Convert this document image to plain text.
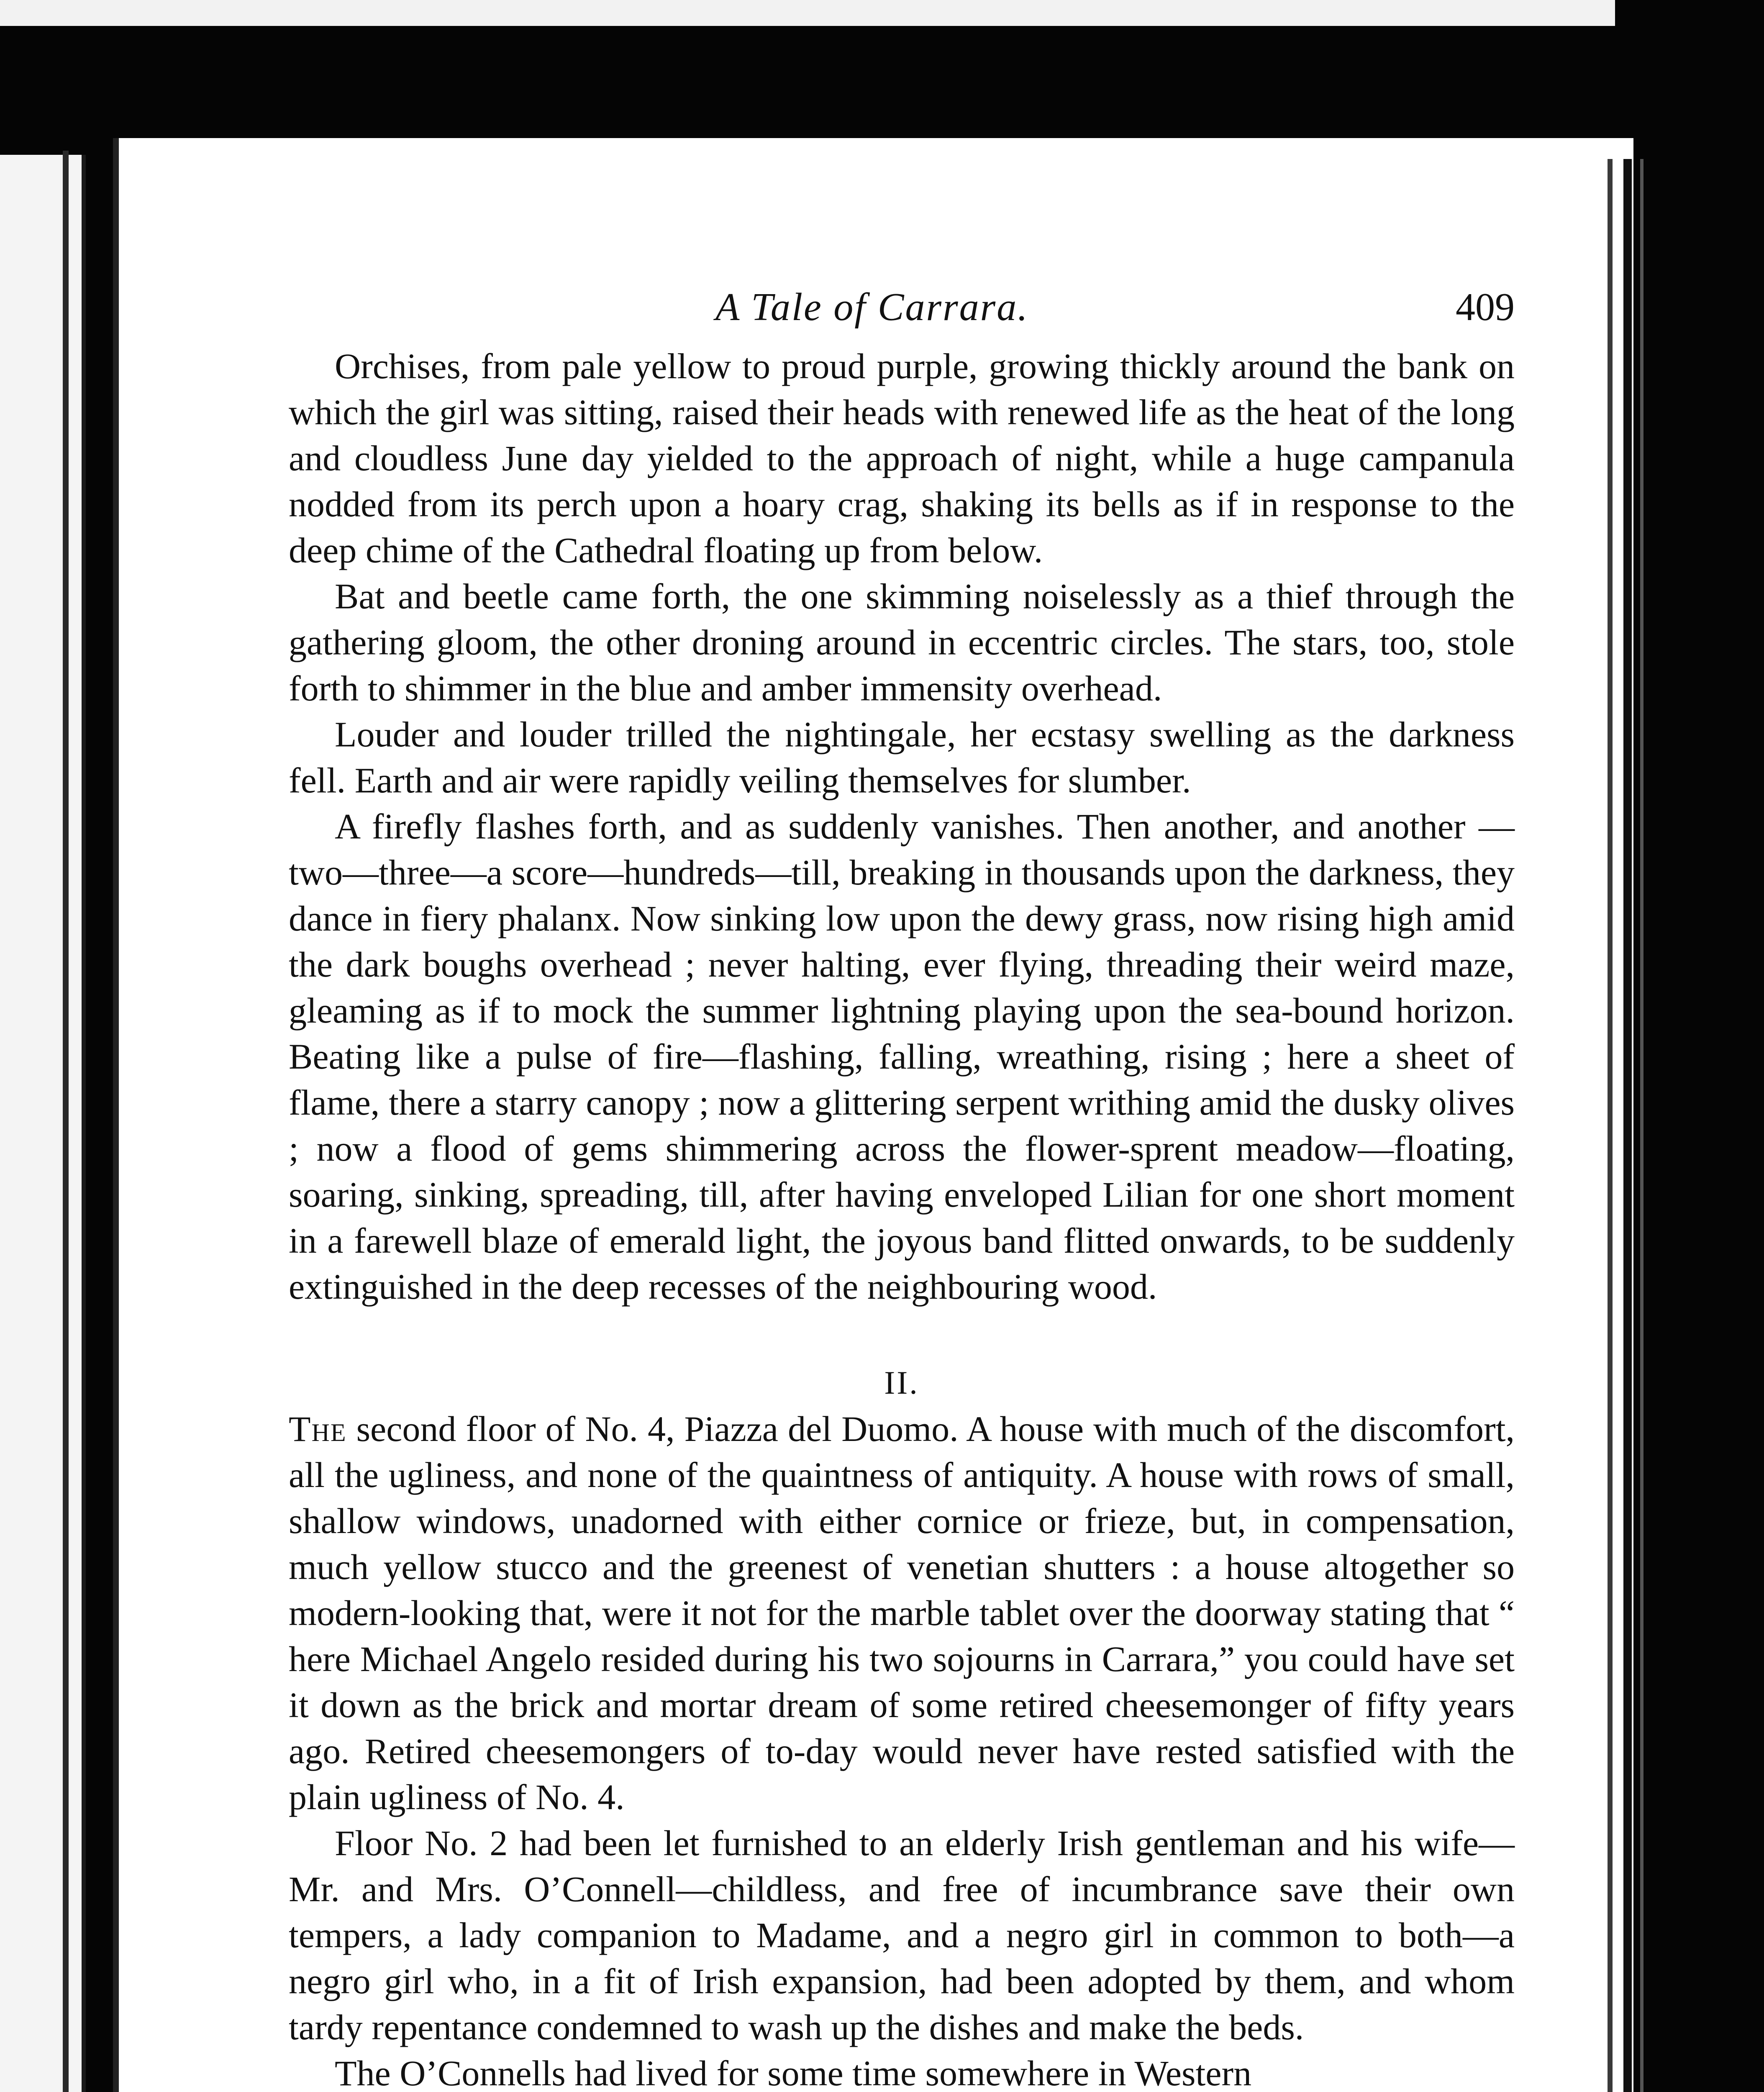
A Tale of Carrara.	409

Orchises, from pale yellow to proud purple, growing thickly around the bank on which the girl was sitting, raised their heads with renewed life as the heat of the long and cloudless June day yielded to the approach of night, while a huge campanula nodded from its perch upon a hoary crag, shaking its bells as if in response to the deep chime of the Cathedral floating up from below.

Bat and beetle came forth, the one skimming noiselessly as a thief through the gathering gloom, the other droning around in eccentric circles. The stars, too, stole forth to shimmer in the blue and amber immensity overhead.

Louder and louder trilled the nightingale, her ecstasy swelling as the darkness fell. Earth and air were rapidly veiling themselves for slumber.

A firefly flashes forth, and as suddenly vanishes. Then another, and another — two—three—a score—hundreds—till, breaking in thousands upon the darkness, they dance in fiery phalanx. Now sinking low upon the dewy grass, now rising high amid the dark boughs overhead ; never halting, ever flying, threading their weird maze, gleaming as if to mock the summer lightning playing upon the sea-bound horizon. Beating like a pulse of fire—flashing, falling, wreathing, rising ; here a sheet of flame, there a starry canopy ; now a glittering serpent writhing amid the dusky olives ; now a flood of gems shimmering across the flower-sprent meadow—floating, soaring, sinking, spreading, till, after having enveloped Lilian for one short moment in a farewell blaze of emerald light, the joyous band flitted onwards, to be suddenly extinguished in the deep recesses of the neighbouring wood.

II.

The second floor of No. 4, Piazza del Duomo. A house with much of the discomfort, all the ugliness, and none of the quaintness of antiquity. A house with rows of small, shallow windows, unadorned with either cornice or frieze, but, in compensation, much yellow stucco and the greenest of venetian shutters : a house altogether so modern-looking that, were it not for the marble tablet over the doorway stating that “ here Michael Angelo resided during his two sojourns in Carrara,” you could have set it down as the brick and mortar dream of some retired cheesemonger of fifty years ago. Retired cheesemongers of to-day would never have rested satisfied with the plain ugliness of No. 4.

Floor No. 2 had been let furnished to an elderly Irish gentleman and his wife—Mr. and Mrs. O’Connell—childless, and free of incumbrance save their own tempers, a lady companion to Madame, and a negro girl in common to both—a negro girl who, in a fit of Irish expansion, had been adopted by them, and whom tardy repentance condemned to wash up the dishes and make the beds.

The O’Connells had lived for some time somewhere in Western
